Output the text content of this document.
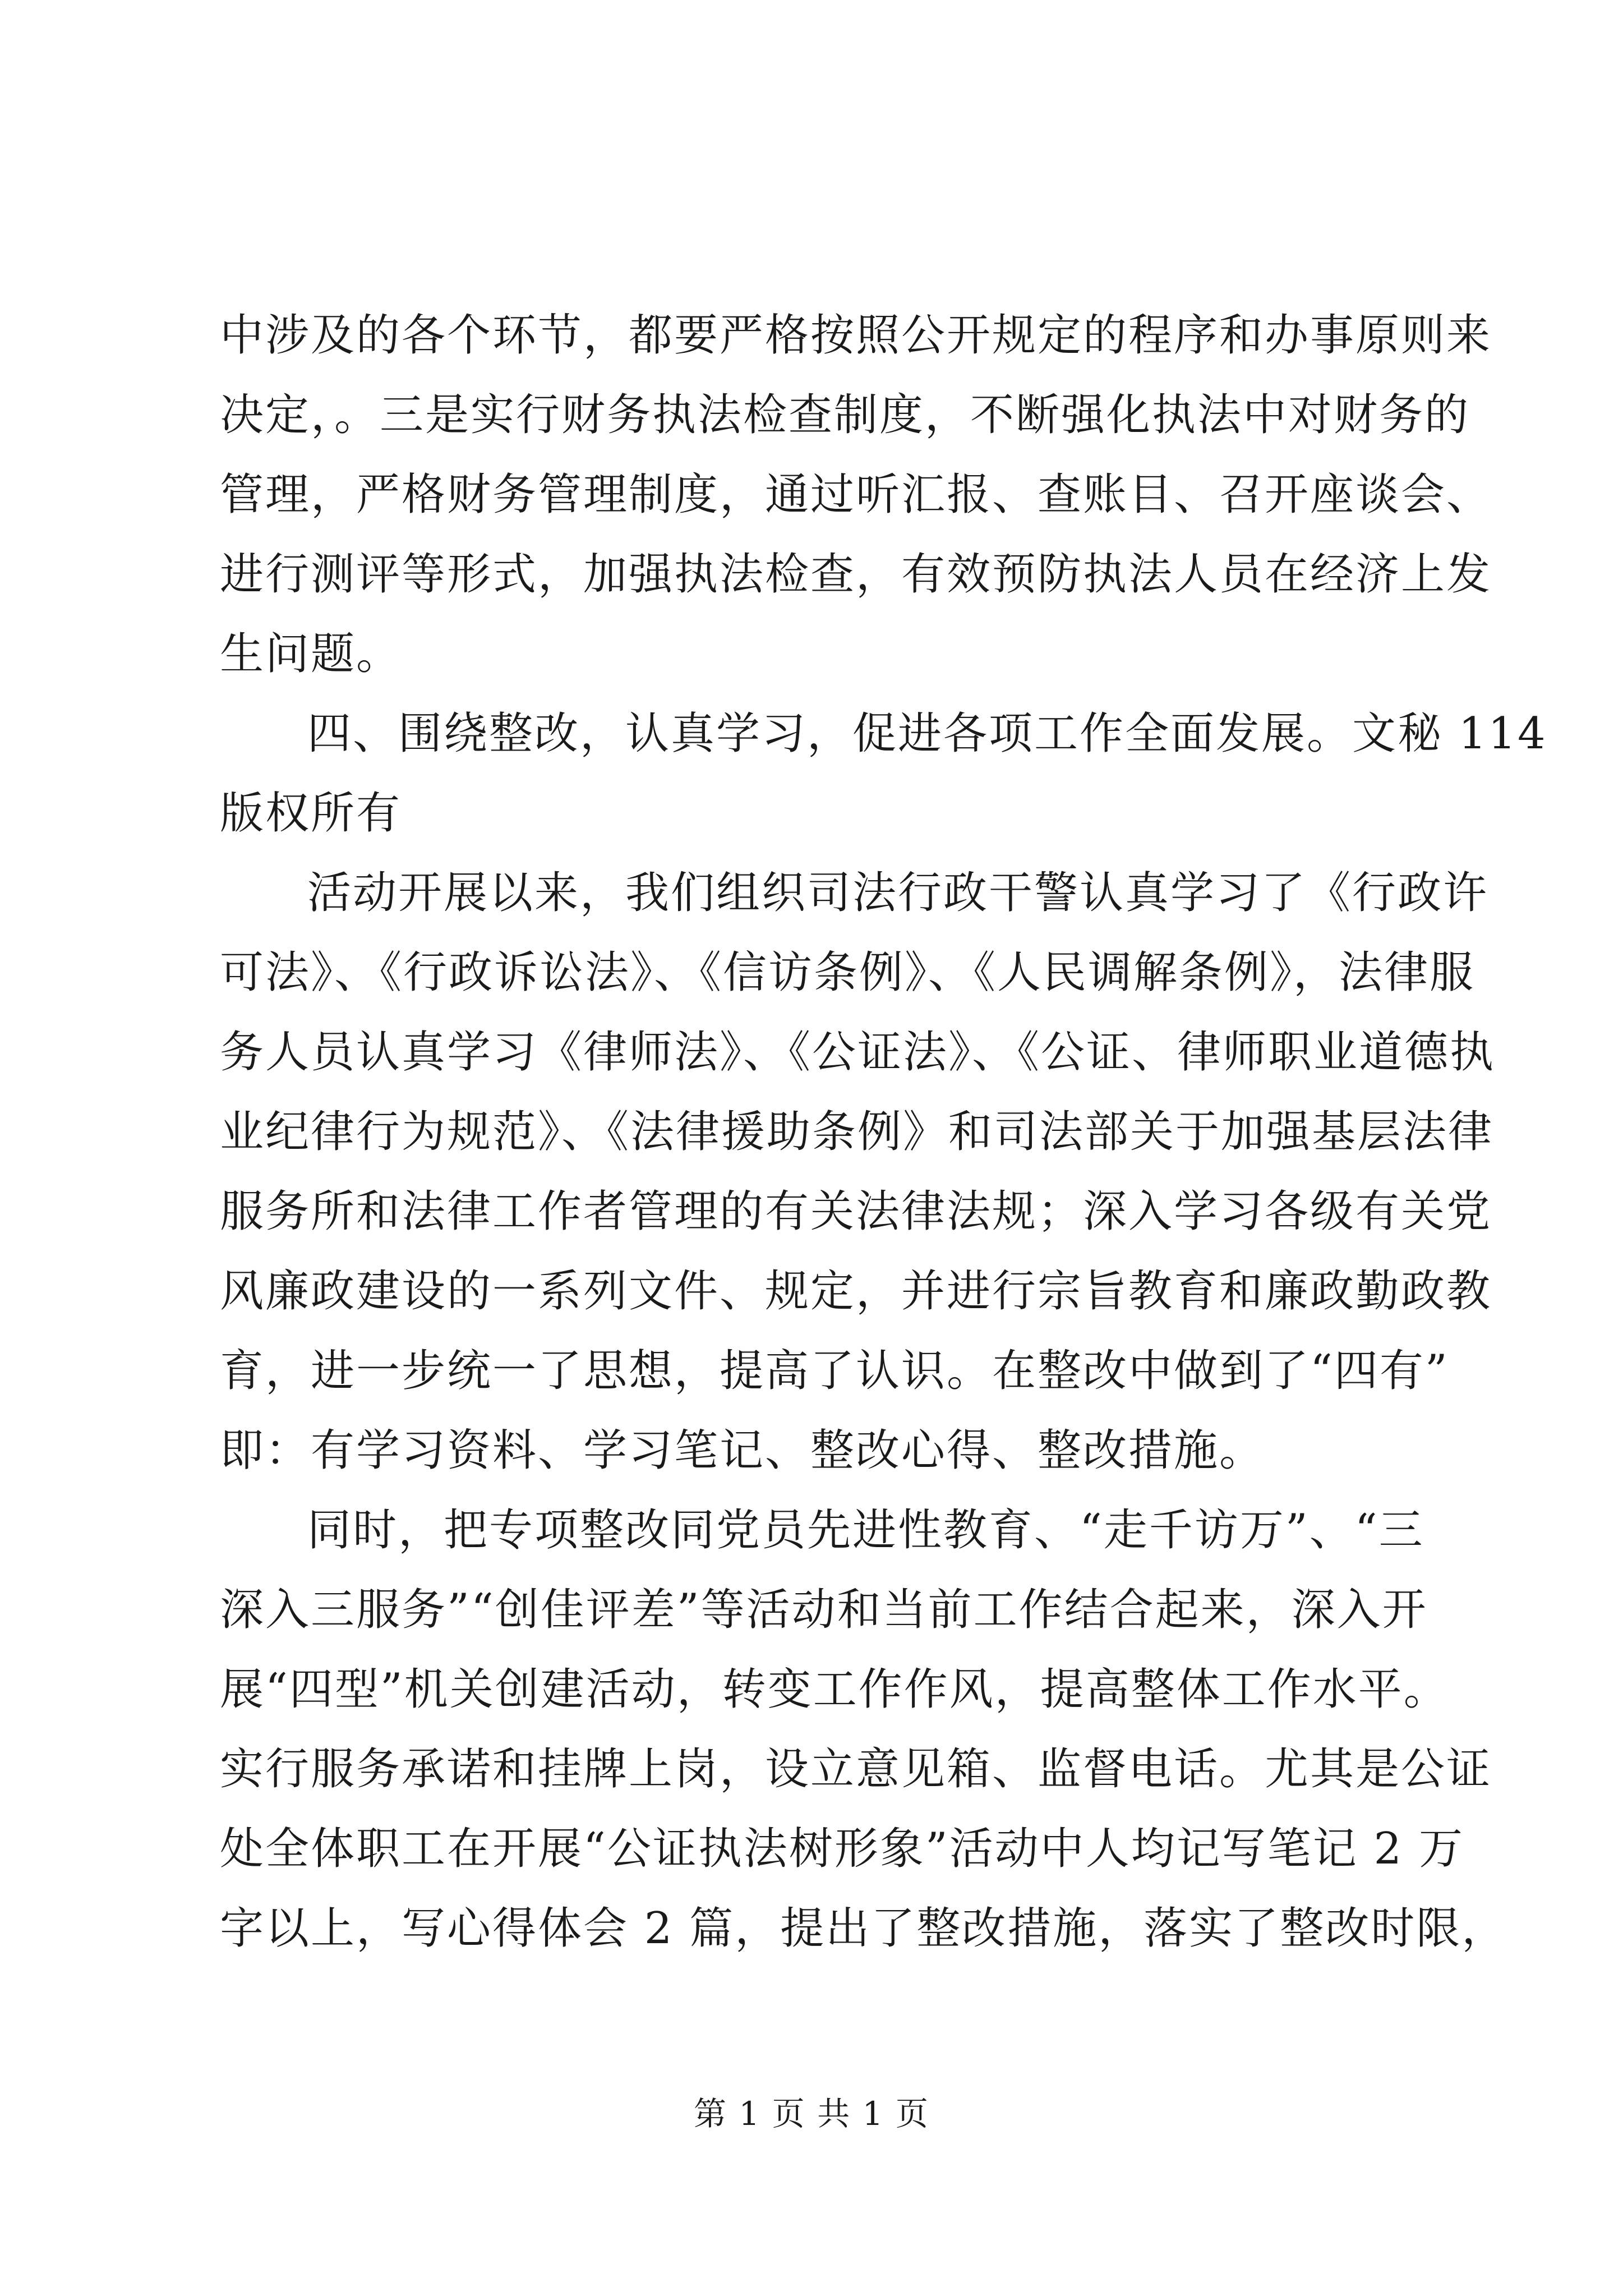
中涉及的各个环节，都要严格按照公开规定的程序和办事原则来
决定，。三是实行财务执法检查制度，不断强化执法中对财务的
管理，严格财务管理制度，通过听汇报、查账目、召开座谈会、
进行测评等形式，加强执法检查，有效预防执法人员在经济上发
生问题。
四、围绕整改，认真学习，促进各项工作全面发展。文秘 114
版权所有
活动开展以来，我们组织司法行政干警认真学习了《行政许
可法》、《行政诉讼法》、《信访条例》、《人民调解条例》，法律服
务人员认真学习《律师法》、《公证法》、《公证、律师职业道德执
业纪律行为规范》、《法律援助条例》和司法部关于加强基层法律
服务所和法律工作者管理的有关法律法规；深入学习各级有关党
风廉政建设的一系列文件、规定，并进行宗旨教育和廉政勤政教
育，进一步统一了思想，提高了认识。在整改中做到了“四有”
即：有学习资料、学习笔记、整改心得、整改措施。
同时，把专项整改同党员先进性教育、“走千访万”、“三
深入三服务”“创佳评差”等活动和当前工作结合起来，深入开
展“四型”机关创建活动，转变工作作风，提高整体工作水平。
实行服务承诺和挂牌上岗，设立意见箱、监督电话。尤其是公证
处全体职工在开展“公证执法树形象”活动中人均记写笔记 2 万
字以上，写心得体会 2 篇，提出了整改措施，落实了整改时限，
第 1 页 共 1 页
